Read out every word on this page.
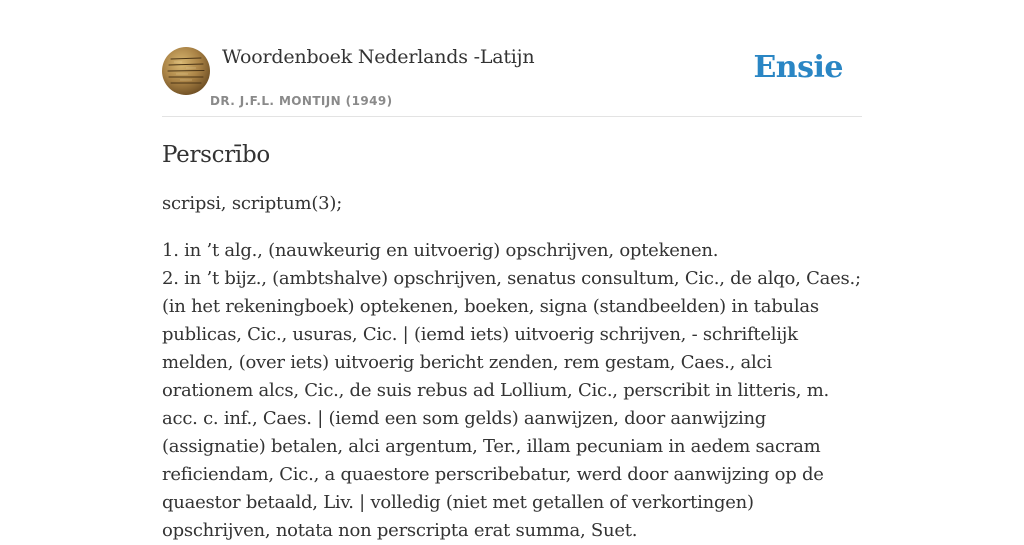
Woordenboek Nederlands -Latijn
DR. J.F.L. MONTIJN (1949)
Ensie
Perscrībo

scripsi, scriptum(3);

1. in ’t alg., (nauwkeurig en uitvoerig) opschrijven, optekenen.
2. in ’t bijz., (ambtshalve) opschrijven, senatus consultum, Cic., de alqo, Caes.; (in het rekeningboek) optekenen, boeken, signa (standbeelden) in tabulas publicas, Cic., usuras, Cic. | (iemd iets) uitvoerig schrijven, - schriftelijk melden, (over iets) uitvoerig bericht zenden, rem gestam, Caes., alci orationem alcs, Cic., de suis rebus ad Lollium, Cic., perscribit in litteris, m. acc. c. inf., Caes. | (iemd een som gelds) aanwijzen, door aanwijzing (assignatie) betalen, alci argentum, Ter., illam pecuniam in aedem sacram reficiendam, Cic., a quaestore perscribebatur, werd door aanwijzing op de quaestor betaald, Liv. | volledig (niet met getallen of verkortingen) opschrijven, notata non perscripta erat summa, Suet.
